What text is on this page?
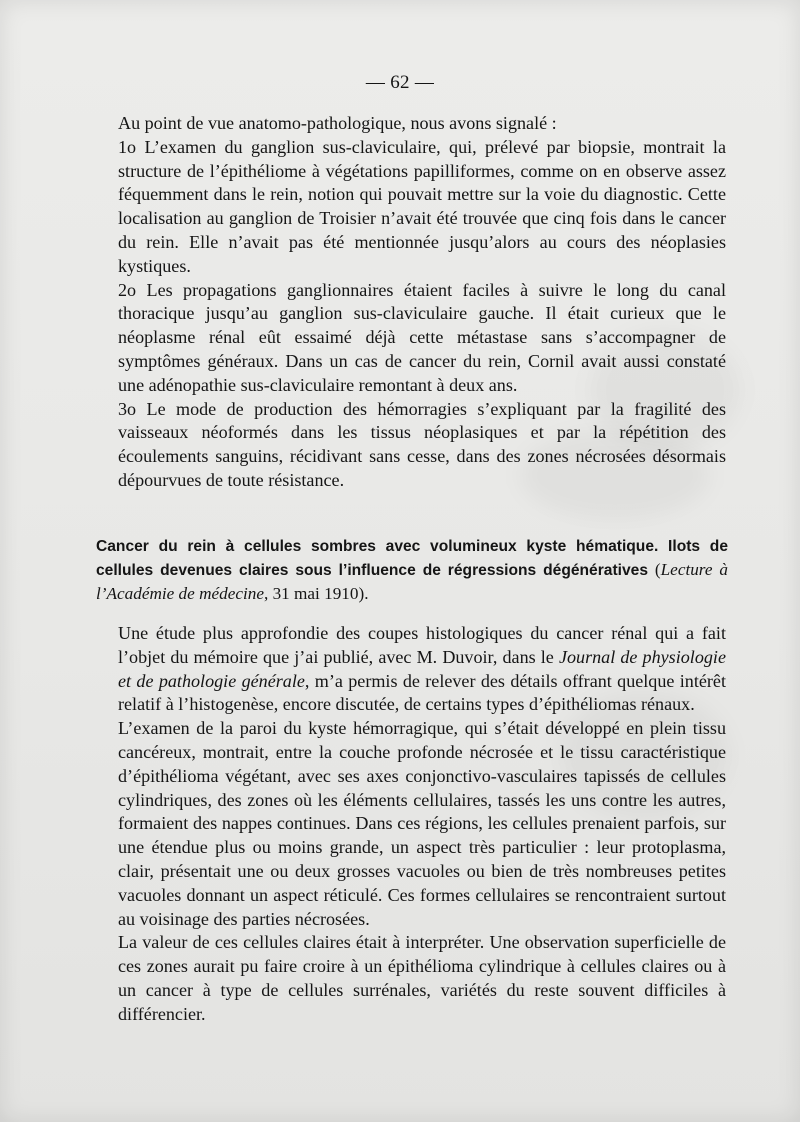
— 62 —

Au point de vue anatomo-pathologique, nous avons signalé :

1o L’examen du ganglion sus-claviculaire, qui, prélevé par biopsie, montrait la structure de l’épithéliome à végétations papilliformes, comme on en observe assez féquemment dans le rein, notion qui pouvait mettre sur la voie du diagnostic. Cette localisation au ganglion de Troisier n’avait été trouvée que cinq fois dans le cancer du rein. Elle n’avait pas été mentionnée jusqu’alors au cours des néoplasies kystiques.

2o Les propagations ganglionnaires étaient faciles à suivre le long du canal thoracique jusqu’au ganglion sus-claviculaire gauche. Il était curieux que le néoplasme rénal eût essaimé déjà cette métastase sans s’accompagner de symptômes généraux. Dans un cas de cancer du rein, Cornil avait aussi constaté une adénopathie sus-claviculaire remontant à deux ans.

3o Le mode de production des hémorragies s’expliquant par la fragilité des vaisseaux néoformés dans les tissus néoplasiques et par la répétition des écoulements sanguins, récidivant sans cesse, dans des zones nécrosées désormais dépourvues de toute résistance.

Cancer du rein à cellules sombres avec volumineux kyste hématique. Ilots de cellules devenues claires sous l’influence de régressions dégénératives (Lecture à l’Académie de médecine, 31 mai 1910).

Une étude plus approfondie des coupes histologiques du cancer rénal qui a fait l’objet du mémoire que j’ai publié, avec M. Duvoir, dans le Journal de physiologie et de pathologie générale, m’a permis de relever des détails offrant quelque intérêt relatif à l’histogenèse, encore discutée, de certains types d’épithéliomas rénaux.

L’examen de la paroi du kyste hémorragique, qui s’était développé en plein tissu cancéreux, montrait, entre la couche profonde nécrosée et le tissu caractéristique d’épithélioma végétant, avec ses axes conjonctivo-vasculaires tapissés de cellules cylindriques, des zones où les éléments cellulaires, tassés les uns contre les autres, formaient des nappes continues. Dans ces régions, les cellules prenaient parfois, sur une étendue plus ou moins grande, un aspect très particulier : leur protoplasma, clair, présentait une ou deux grosses vacuoles ou bien de très nombreuses petites vacuoles donnant un aspect réticulé. Ces formes cellulaires se rencontraient surtout au voisinage des parties nécrosées.

La valeur de ces cellules claires était à interpréter. Une observation superficielle de ces zones aurait pu faire croire à un épithélioma cylindrique à cellules claires ou à un cancer à type de cellules surrénales, variétés du reste souvent difficiles à différencier.
